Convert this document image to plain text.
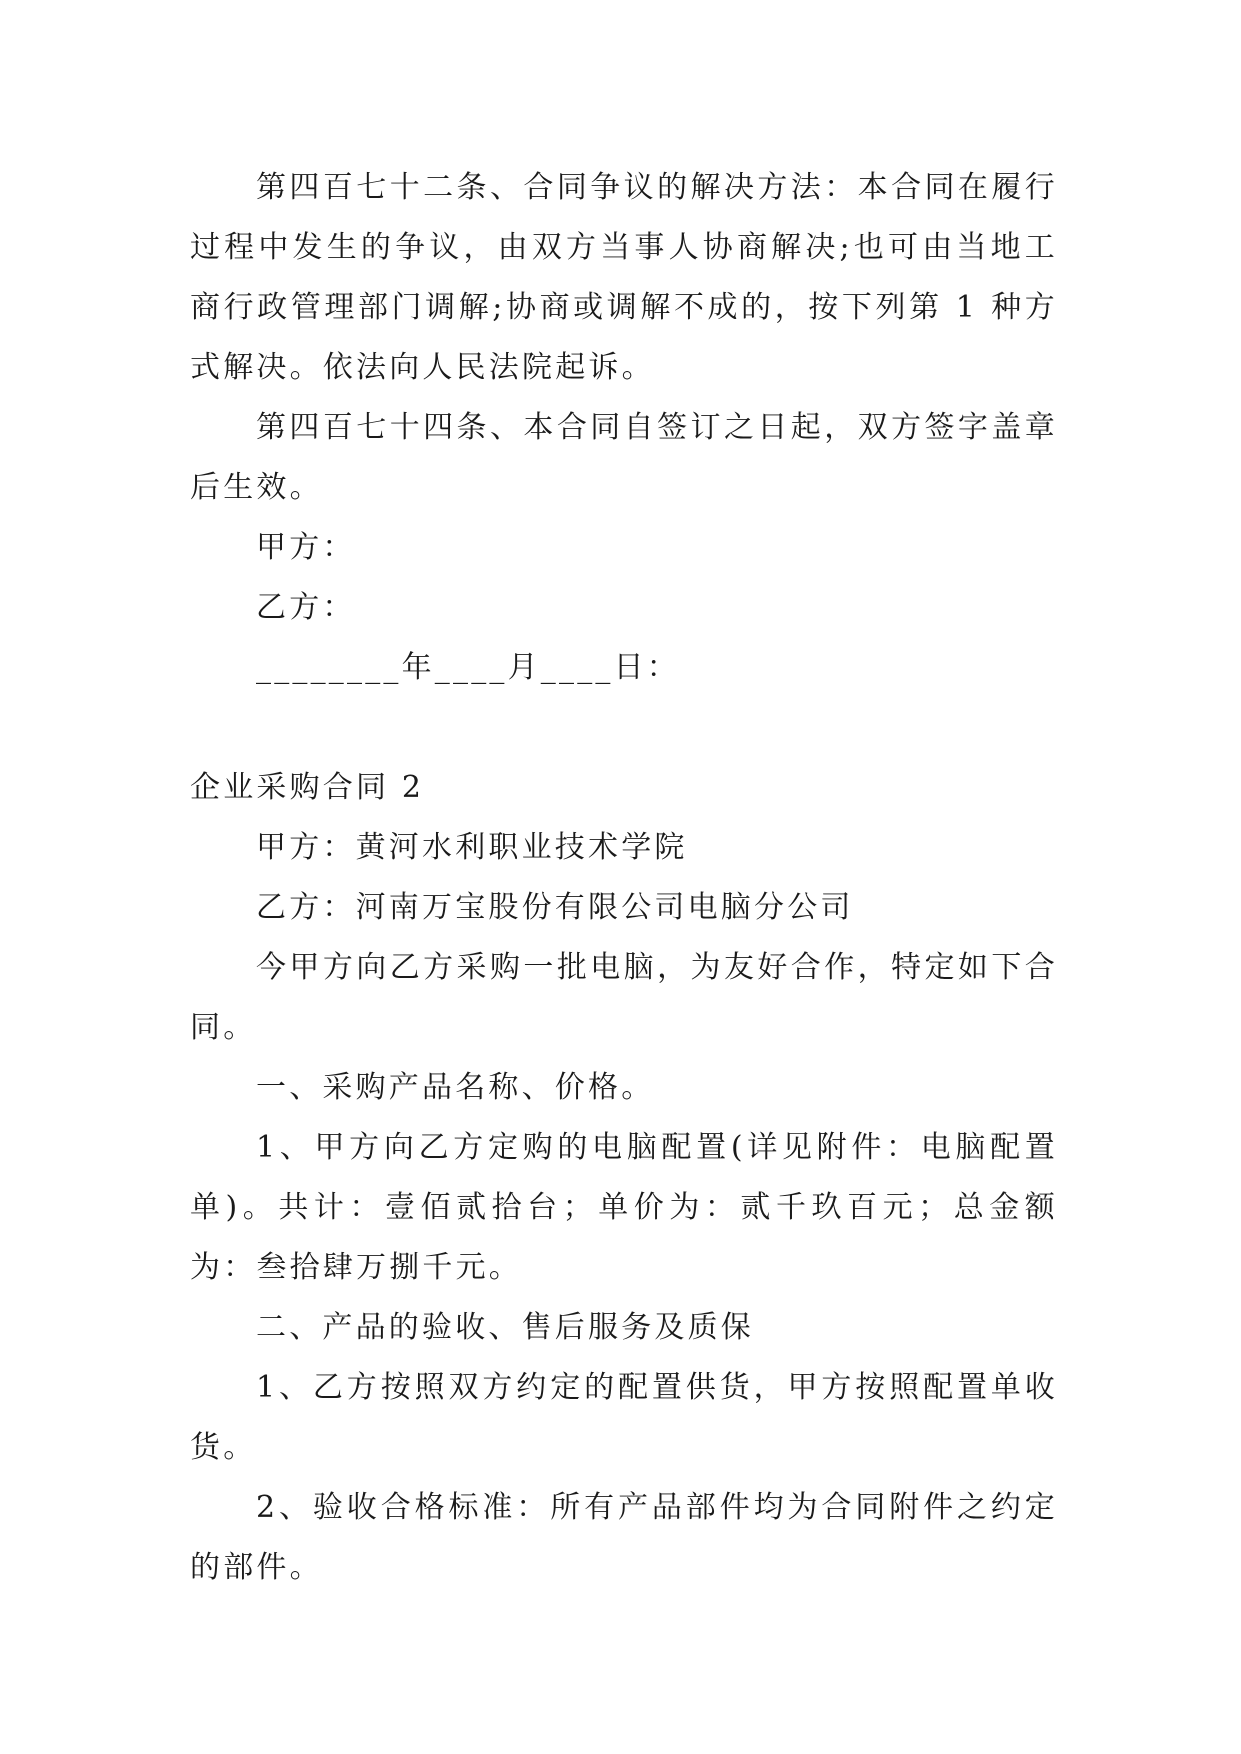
第四百七十二条、合同争议的解决方法：本合同在履行过程中发生的争议，由双方当事人协商解决;也可由当地工商行政管理部门调解;协商或调解不成的，按下列第 1 种方式解决。依法向人民法院起诉。

第四百七十四条、本合同自签订之日起，双方签字盖章后生效。

甲方：

乙方：

________年____月____日：

企业采购合同 2

甲方：黄河水利职业技术学院

乙方：河南万宝股份有限公司电脑分公司

今甲方向乙方采购一批电脑，为友好合作，特定如下合同。

一、采购产品名称、价格。

1、甲方向乙方定购的电脑配置(详见附件：电脑配置单)。共计：壹佰贰拾台；单价为：贰千玖百元；总金额为：叁拾肆万捌千元。

二、产品的验收、售后服务及质保

1、乙方按照双方约定的配置供货，甲方按照配置单收货。

2、验收合格标准：所有产品部件均为合同附件之约定的部件。
